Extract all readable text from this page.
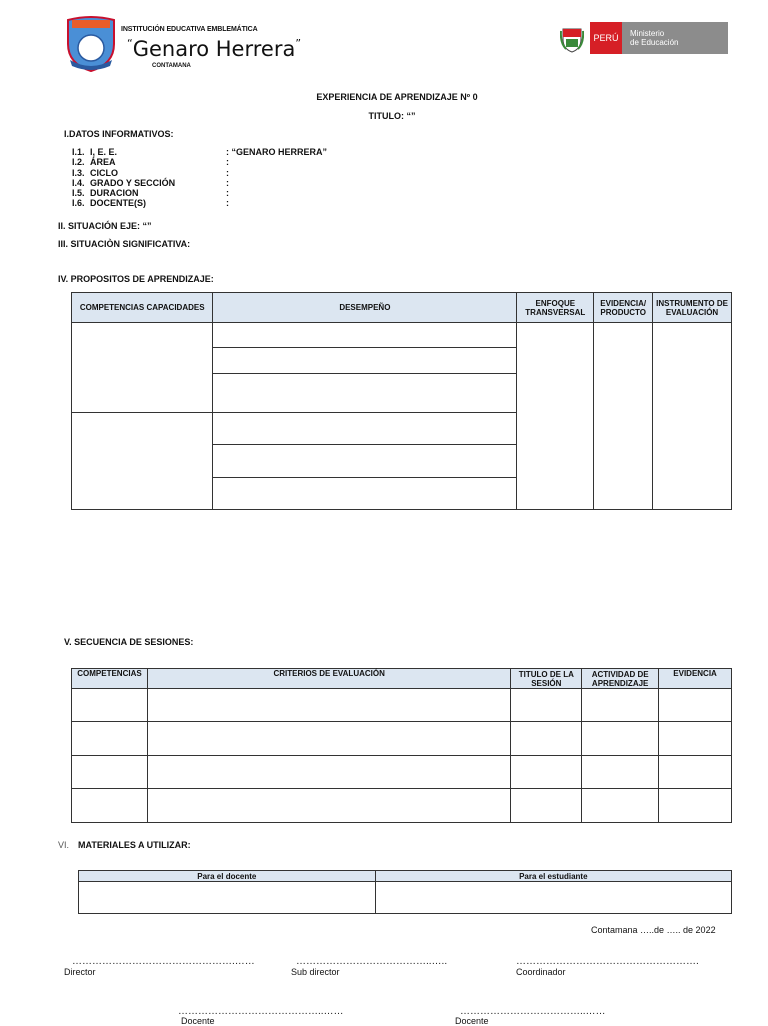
INSTITUCIÓN EDUCATIVA EMBLEMÁTICA
“Genaro Herrera”
CONTAMANA
PERÚ	Ministerio
de Educación
EXPERIENCIA DE APRENDIZAJE Nº 0
TITULO: “”
I.DATOS INFORMATIVOS:
I.1. I, E. E.	: “GENARO HERRERA”
I.2. ÁREA	:
I.3. CICLO	:
I.4. GRADO Y SECCIÓN	:
I.5. DURACION	:
I.6. DOCENTE(S)	:
II. SITUACIÓN EJE: “”
III. SITUACIÒN SIGNIFICATIVA:
IV. PROPOSITOS DE APRENDIZAJE:
COMPETENCIAS CAPACIDADES	DESEMPEÑO	ENFOQUE TRANSVERSAL	EVIDENCIA/ PRODUCTO	INSTRUMENTO DE EVALUACIÓN

V. SECUENCIA DE SESIONES:
COMPETENCIAS	CRITERIOS DE EVALUACIÓN	TITULO DE LA SESIÓN	ACTIVIDAD DE APRENDIZAJE	EVIDENCIA

VI. MATERIALES A UTILIZAR:
Para el docente	Para el estudiante

Contamana …..de ….. de 2022
………………………………………….……
Director
…………………………………..…..
Sub director
……………………………………………….
Coordinador
……………………………………..……
Docente
………………………………..……
Docente
